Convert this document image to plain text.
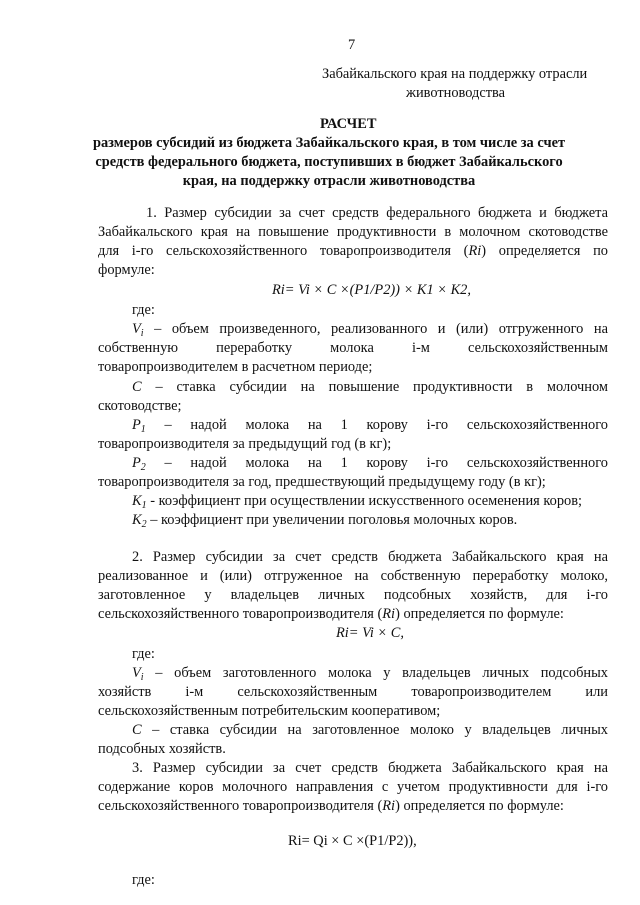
7
Забайкальского края на поддержку отрасли
животноводства
РАСЧЕТ
размеров субсидий из бюджета Забайкальского края, в том числе за счет
средств федерального бюджета, поступивших в бюджет Забайкальского
края, на поддержку отрасли животноводства
1. Размер субсидии за счет средств федерального бюджета и бюджета
Забайкальского края на повышение продуктивности в молочном скотоводстве
для i-го сельскохозяйственного товаропроизводителя (Ri) определяется по
формуле:
Ri= Vi × C ×(P1/P2)) × K1 × K2,
где:
$V_i$ – объем произведенного, реализованного и (или) отгруженного на
собственную переработку молока i-м сельскохозяйственным
товаропроизводителем в расчетном периоде;
C – ставка субсидии на повышение продуктивности в молочном
скотоводстве;
$P_1$ – надой молока на 1 корову i-го сельскохозяйственного
товаропроизводителя за предыдущий год (в кг);
$P_2$ – надой молока на 1 корову i-го сельскохозяйственного
товаропроизводителя за год, предшествующий предыдущему году (в кг);
$K_1$ - коэффициент при осуществлении искусственного осеменения коров;
$K_2$ – коэффициент при увеличении поголовья молочных коров.
2. Размер субсидии за счет средств бюджета Забайкальского края на
реализованное и (или) отгруженное на собственную переработку молоко,
заготовленное у владельцев личных подсобных хозяйств, для i-го
сельскохозяйственного товаропроизводителя (Ri) определяется по формуле:
Ri= Vi × C,
где:
$V_i$ – объем заготовленного молока у владельцев личных подсобных
хозяйств i-м сельскохозяйственным товаропроизводителем или
сельскохозяйственным потребительским кооперативом;
C – ставка субсидии на заготовленное молоко у владельцев личных
подсобных хозяйств.
3. Размер субсидии за счет средств бюджета Забайкальского края на
содержание коров молочного направления с учетом продуктивности для i-го
сельскохозяйственного товаропроизводителя (Ri) определяется по формуле:
Ri= Qi × C ×(P1/P2)),
где:
